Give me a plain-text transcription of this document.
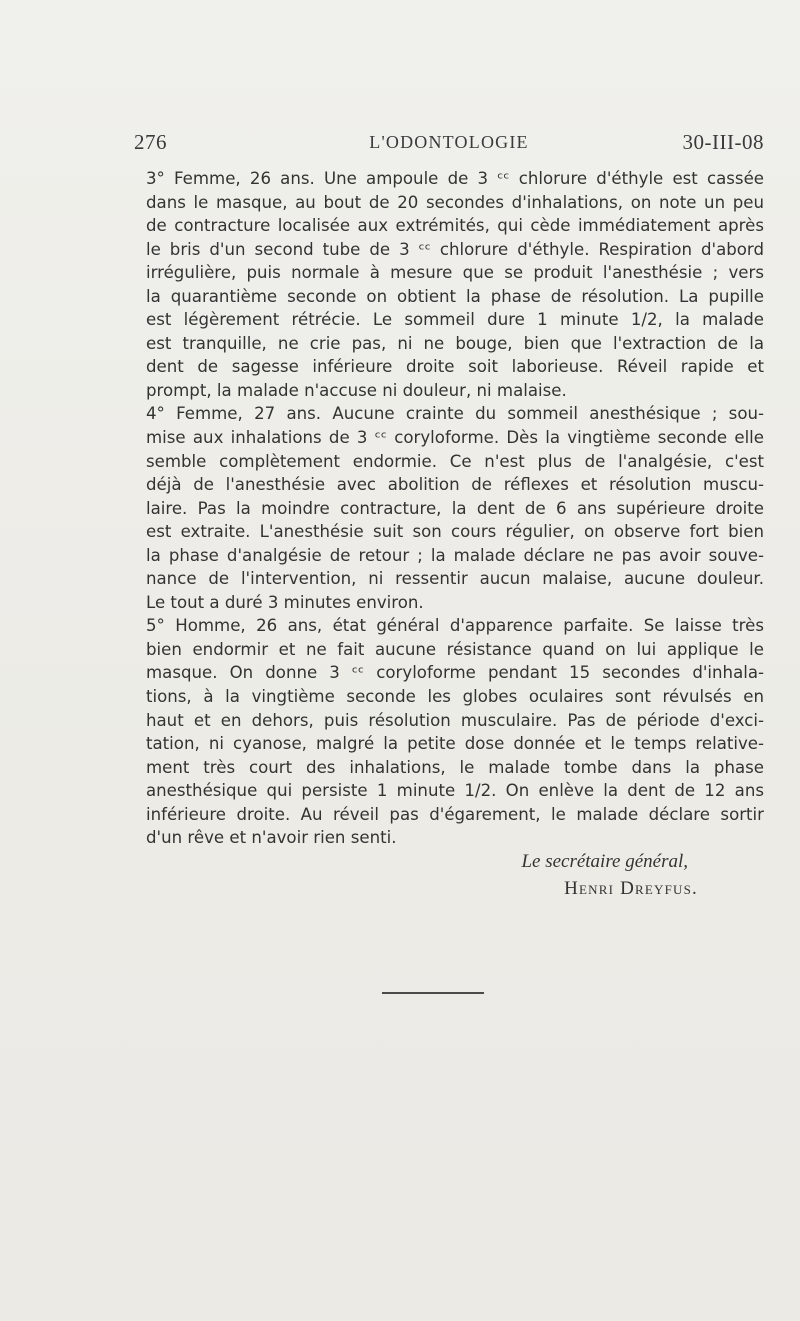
276	L'ODONTOLOGIE	30-III-08
3° Femme, 26 ans. Une ampoule de 3 ᶜᶜ chlorure d'éthyle est cassée
dans le masque, au bout de 20 secondes d'inhalations, on note un peu
de contracture localisée aux extrémités, qui cède immédiatement après
le bris d'un second tube de 3 ᶜᶜ chlorure d'éthyle. Respiration d'abord
irrégulière, puis normale à mesure que se produit l'anesthésie ; vers
la quarantième seconde on obtient la phase de résolution. La pupille
est légèrement rétrécie. Le sommeil dure 1 minute 1/2, la malade
est tranquille, ne crie pas, ni ne bouge, bien que l'extraction de la
dent de sagesse inférieure droite soit laborieuse. Réveil rapide et
prompt, la malade n'accuse ni douleur, ni malaise.
4° Femme, 27 ans. Aucune crainte du sommeil anesthésique ; sou-
mise aux inhalations de 3 ᶜᶜ coryloforme. Dès la vingtième seconde elle
semble complètement endormie. Ce n'est plus de l'analgésie, c'est
déjà de l'anesthésie avec abolition de réflexes et résolution muscu-
laire. Pas la moindre contracture, la dent de 6 ans supérieure droite
est extraite. L'anesthésie suit son cours régulier, on observe fort bien
la phase d'analgésie de retour ; la malade déclare ne pas avoir souve-
nance de l'intervention, ni ressentir aucun malaise, aucune douleur.
Le tout a duré 3 minutes environ.
5° Homme, 26 ans, état général d'apparence parfaite. Se laisse très
bien endormir et ne fait aucune résistance quand on lui applique le
masque. On donne 3 ᶜᶜ coryloforme pendant 15 secondes d'inhala-
tions, à la vingtième seconde les globes oculaires sont révulsés en
haut et en dehors, puis résolution musculaire. Pas de période d'exci-
tation, ni cyanose, malgré la petite dose donnée et le temps relative-
ment très court des inhalations, le malade tombe dans la phase
anesthésique qui persiste 1 minute 1/2. On enlève la dent de 12 ans
inférieure droite. Au réveil pas d'égarement, le malade déclare sortir
d'un rêve et n'avoir rien senti.
Le secrétaire général,
Henri Dreyfus.
